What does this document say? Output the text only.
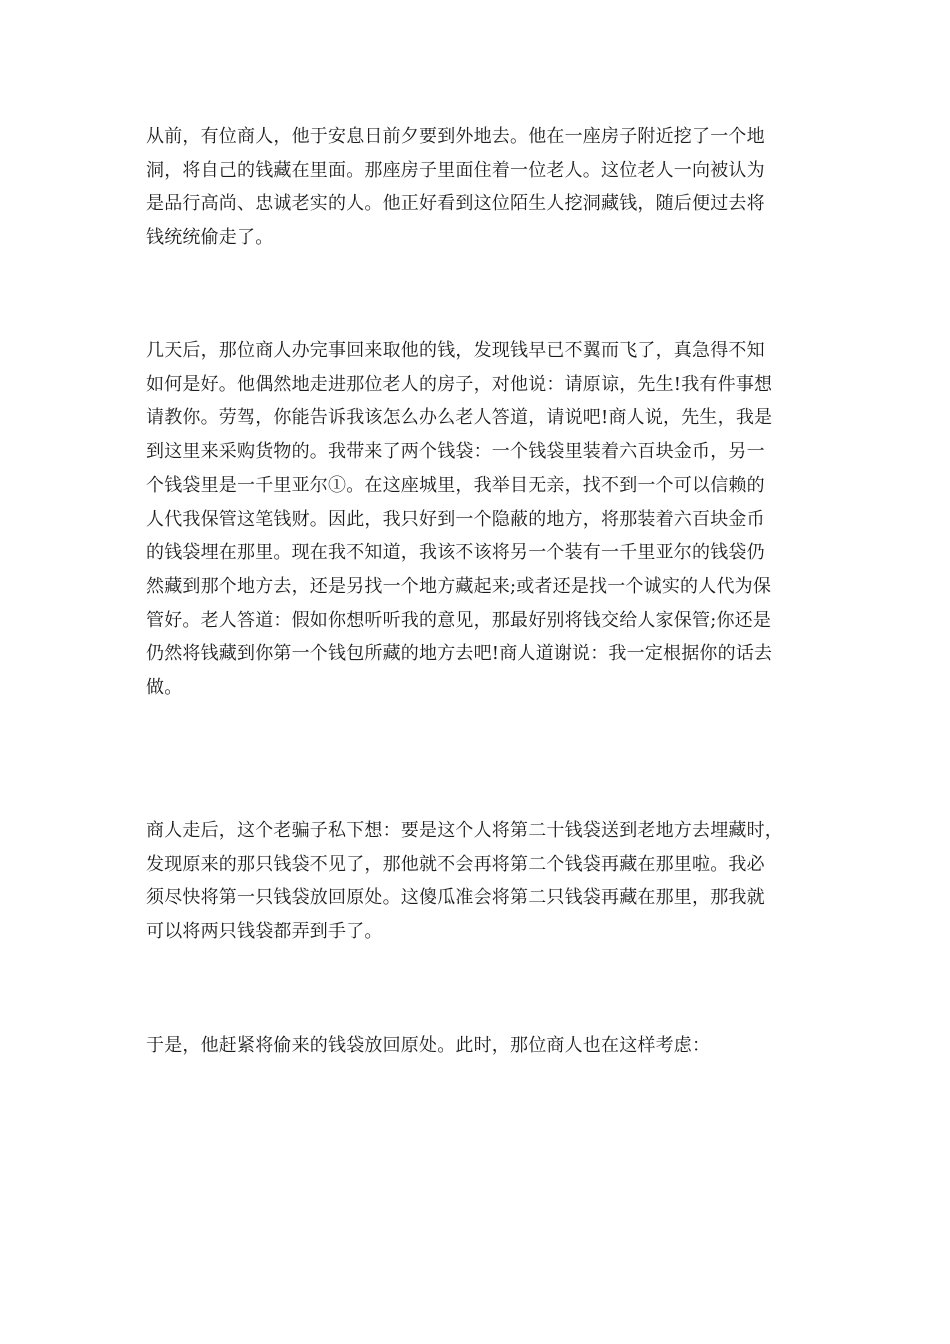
从前，有位商人，他于安息日前夕要到外地去。他在一座房子附近挖了一个地
洞，将自己的钱藏在里面。那座房子里面住着一位老人。这位老人一向被认为
是品行高尚、忠诚老实的人。他正好看到这位陌生人挖洞藏钱，随后便过去将
钱统统偷走了。

几天后，那位商人办完事回来取他的钱，发现钱早已不翼而飞了，真急得不知
如何是好。他偶然地走进那位老人的房子，对他说：请原谅，先生!我有件事想
请教你。劳驾，你能告诉我该怎么办么老人答道，请说吧!商人说，先生，我是
到这里来采购货物的。我带来了两个钱袋：一个钱袋里装着六百块金币，另一
个钱袋里是一千里亚尔①。在这座城里，我举目无亲，找不到一个可以信赖的
人代我保管这笔钱财。因此，我只好到一个隐蔽的地方，将那装着六百块金币
的钱袋埋在那里。现在我不知道，我该不该将另一个装有一千里亚尔的钱袋仍
然藏到那个地方去，还是另找一个地方藏起来;或者还是找一个诚实的人代为保
管好。老人答道：假如你想听听我的意见，那最好别将钱交给人家保管;你还是
仍然将钱藏到你第一个钱包所藏的地方去吧!商人道谢说：我一定根据你的话去
做。

商人走后，这个老骗子私下想：要是这个人将第二十钱袋送到老地方去埋藏时，
发现原来的那只钱袋不见了，那他就不会再将第二个钱袋再藏在那里啦。我必
须尽快将第一只钱袋放回原处。这傻瓜准会将第二只钱袋再藏在那里，那我就
可以将两只钱袋都弄到手了。

于是，他赶紧将偷来的钱袋放回原处。此时，那位商人也在这样考虑：
